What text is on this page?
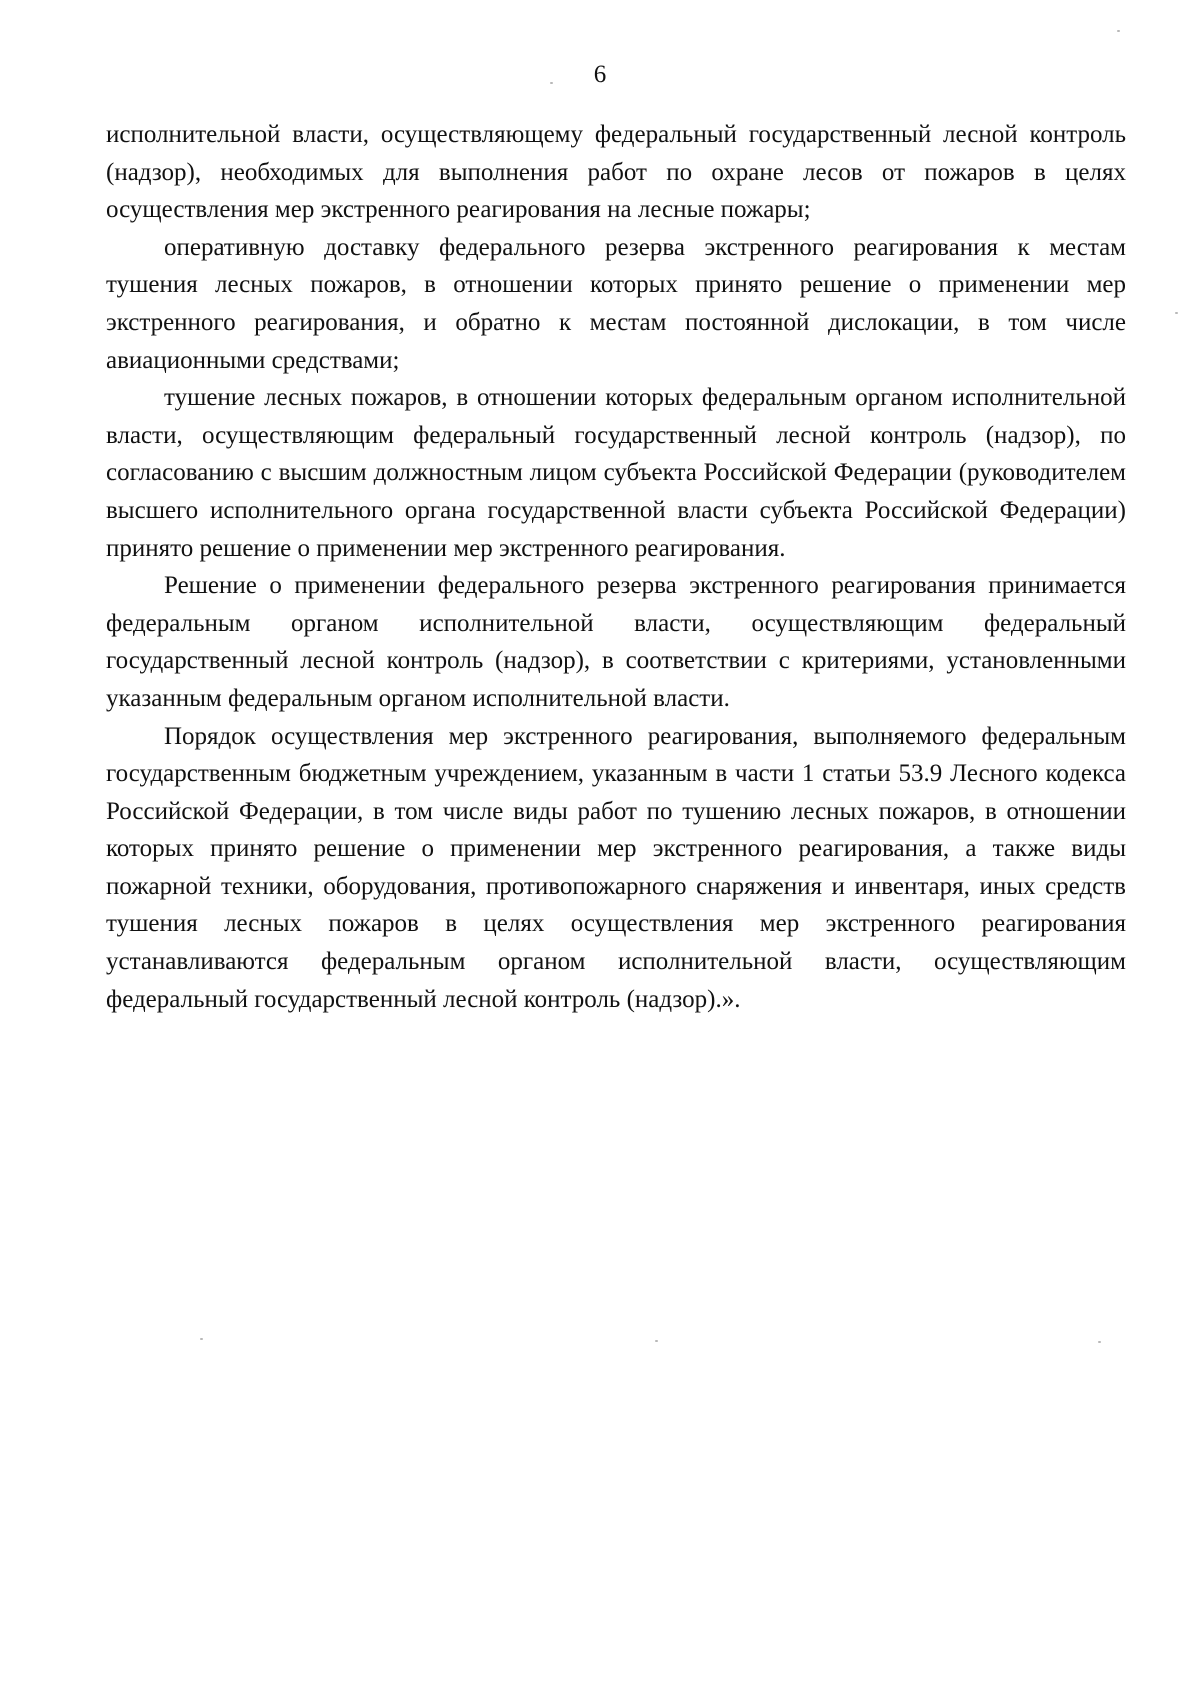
6

исполнительной власти, осуществляющему федеральный государственный лесной контроль (надзор), необходимых для выполнения работ по охране лесов от пожаров в целях осуществления мер экстренного реагирования на лесные пожары;

оперативную доставку федерального резерва экстренного реагирования к местам тушения лесных пожаров, в отношении которых принято решение о применении мер экстренного реагирования, и обратно к местам постоянной дислокации, в том числе авиационными средствами;

тушение лесных пожаров, в отношении которых федеральным органом исполнительной власти, осуществляющим федеральный государственный лесной контроль (надзор), по согласованию с высшим должностным лицом субъекта Российской Федерации (руководителем высшего исполнительного органа государственной власти субъекта Российской Федерации) принято решение о применении мер экстренного реагирования.

Решение о применении федерального резерва экстренного реагирования принимается федеральным органом исполнительной власти, осуществляющим федеральный государственный лесной контроль (надзор), в соответствии с критериями, установленными указанным федеральным органом исполнительной власти.

Порядок осуществления мер экстренного реагирования, выполняемого федеральным государственным бюджетным учреждением, указанным в части 1 статьи 53.9 Лесного кодекса Российской Федерации, в том числе виды работ по тушению лесных пожаров, в отношении которых принято решение о применении мер экстренного реагирования, а также виды пожарной техники, оборудования, противопожарного снаряжения и инвентаря, иных средств тушения лесных пожаров в целях осуществления мер экстренного реагирования устанавливаются федеральным органом исполнительной власти, осуществляющим федеральный государственный лесной контроль (надзор).».
